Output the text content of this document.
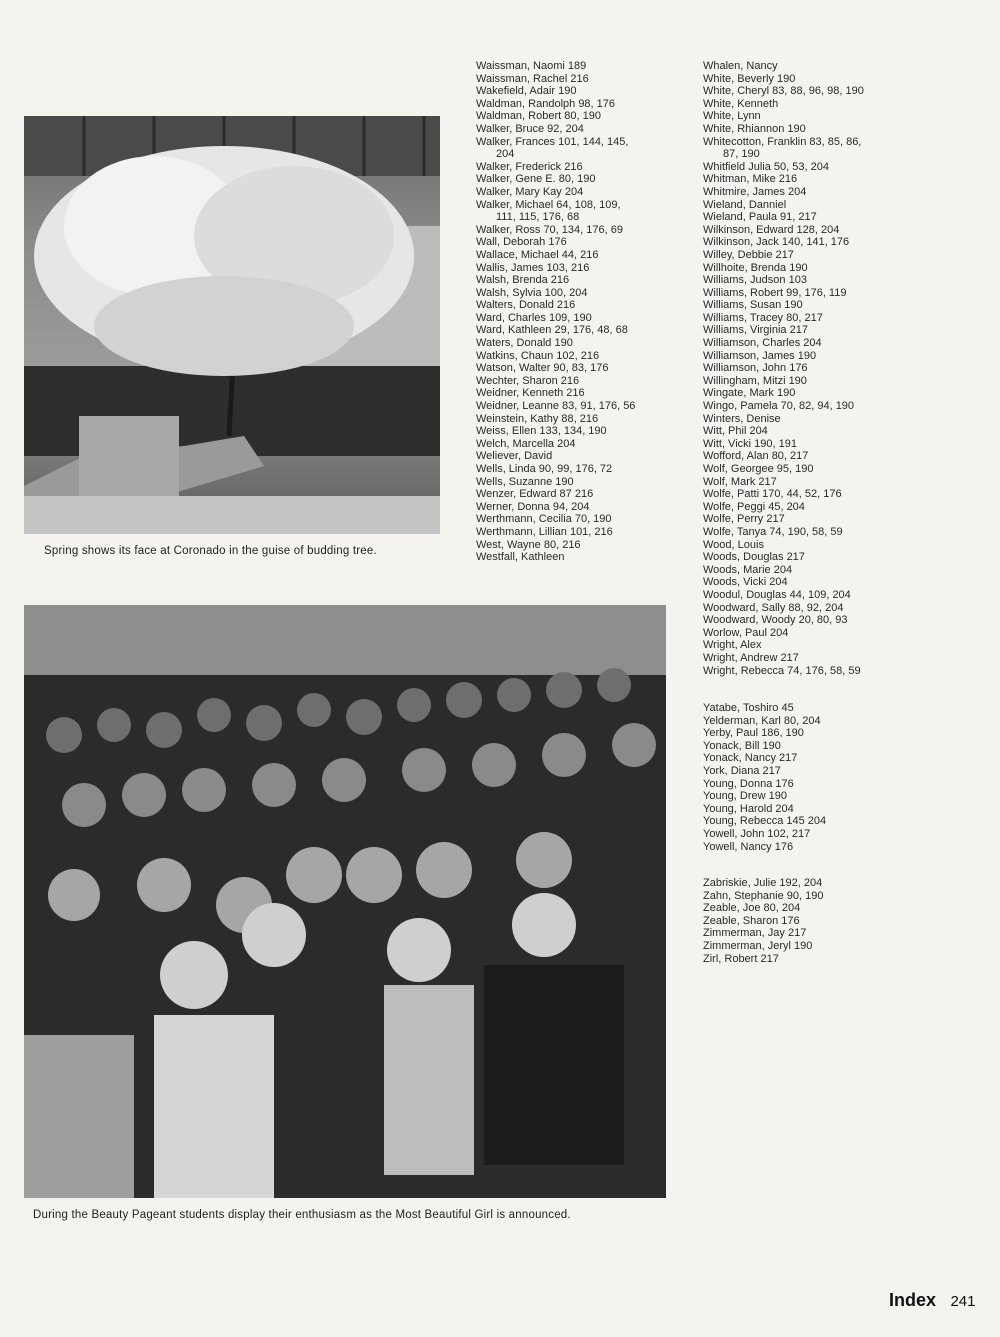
Spring shows its face at Coronado in the guise of budding tree.
During the Beauty Pageant students display their enthusiasm as the Most Beautiful Girl is announced.
Waissman, Naomi 189
Waissman, Rachel 216
Wakefield, Adair 190
Waldman, Randolph 98, 176
Waldman, Robert 80, 190
Walker, Bruce 92, 204
Walker, Frances 101, 144, 145,
204
Walker, Frederick 216
Walker, Gene E. 80, 190
Walker, Mary Kay 204
Walker, Michael 64, 108, 109,
111, 115, 176, 68
Walker, Ross 70, 134, 176, 69
Wall, Deborah 176
Wallace, Michael 44, 216
Wallis, James 103, 216
Walsh, Brenda 216
Walsh, Sylvia 100, 204
Walters, Donald 216
Ward, Charles 109, 190
Ward, Kathleen 29, 176, 48, 68
Waters, Donald 190
Watkins, Chaun 102, 216
Watson, Walter 90, 83, 176
Wechter, Sharon 216
Weidner, Kenneth 216
Weidner, Leanne 83, 91, 176, 56
Weinstein, Kathy 88, 216
Weiss, Ellen 133, 134, 190
Welch, Marcella 204
Weliever, David
Wells, Linda 90, 99, 176, 72
Wells, Suzanne 190
Wenzer, Edward 87 216
Werner, Donna 94, 204
Werthmann, Cecilia 70, 190
Werthmann, Lillian 101, 216
West, Wayne 80, 216
Westfall, Kathleen
Whalen, Nancy
White, Beverly 190
White, Cheryl 83, 88, 96, 98, 190
White, Kenneth
White, Lynn
White, Rhiannon 190
Whitecotton, Franklin 83, 85, 86,
87, 190
Whitfield Julia 50, 53, 204
Whitman, Mike 216
Whitmire, James 204
Wieland, Danniel
Wieland, Paula 91, 217
Wilkinson, Edward 128, 204
Wilkinson, Jack 140, 141, 176
Willey, Debbie 217
Willhoite, Brenda 190
Williams, Judson 103
Williams, Robert 99, 176, 119
Williams, Susan 190
Williams, Tracey 80, 217
Williams, Virginia 217
Williamson, Charles 204
Williamson, James 190
Williamson, John 176
Willingham, Mitzi 190
Wingate, Mark 190
Wingo, Pamela 70, 82, 94, 190
Winters, Denise
Witt, Phil 204
Witt, Vicki 190, 191
Wofford, Alan 80, 217
Wolf, Georgee 95, 190
Wolf, Mark 217
Wolfe, Patti 170, 44, 52, 176
Wolfe, Peggi 45, 204
Wolfe, Perry 217
Wolfe, Tanya 74, 190, 58, 59
Wood, Louis
Woods, Douglas 217
Woods, Marie 204
Woods, Vicki 204
Woodul, Douglas 44, 109, 204
Woodward, Sally 88, 92, 204
Woodward, Woody 20, 80, 93
Worlow, Paul 204
Wright, Alex
Wright, Andrew 217
Wright, Rebecca 74, 176, 58, 59
Yatabe, Toshiro 45
Yelderman, Karl 80, 204
Yerby, Paul 186, 190
Yonack, Bill 190
Yonack, Nancy 217
York, Diana 217
Young, Donna 176
Young, Drew 190
Young, Harold 204
Young, Rebecca 145 204
Yowell, John 102, 217
Yowell, Nancy 176
Zabriskie, Julie 192, 204
Zahn, Stephanie 90, 190
Zeable, Joe 80, 204
Zeable, Sharon 176
Zimmerman, Jay 217
Zimmerman, Jeryl 190
Zirl, Robert 217
Index 241
